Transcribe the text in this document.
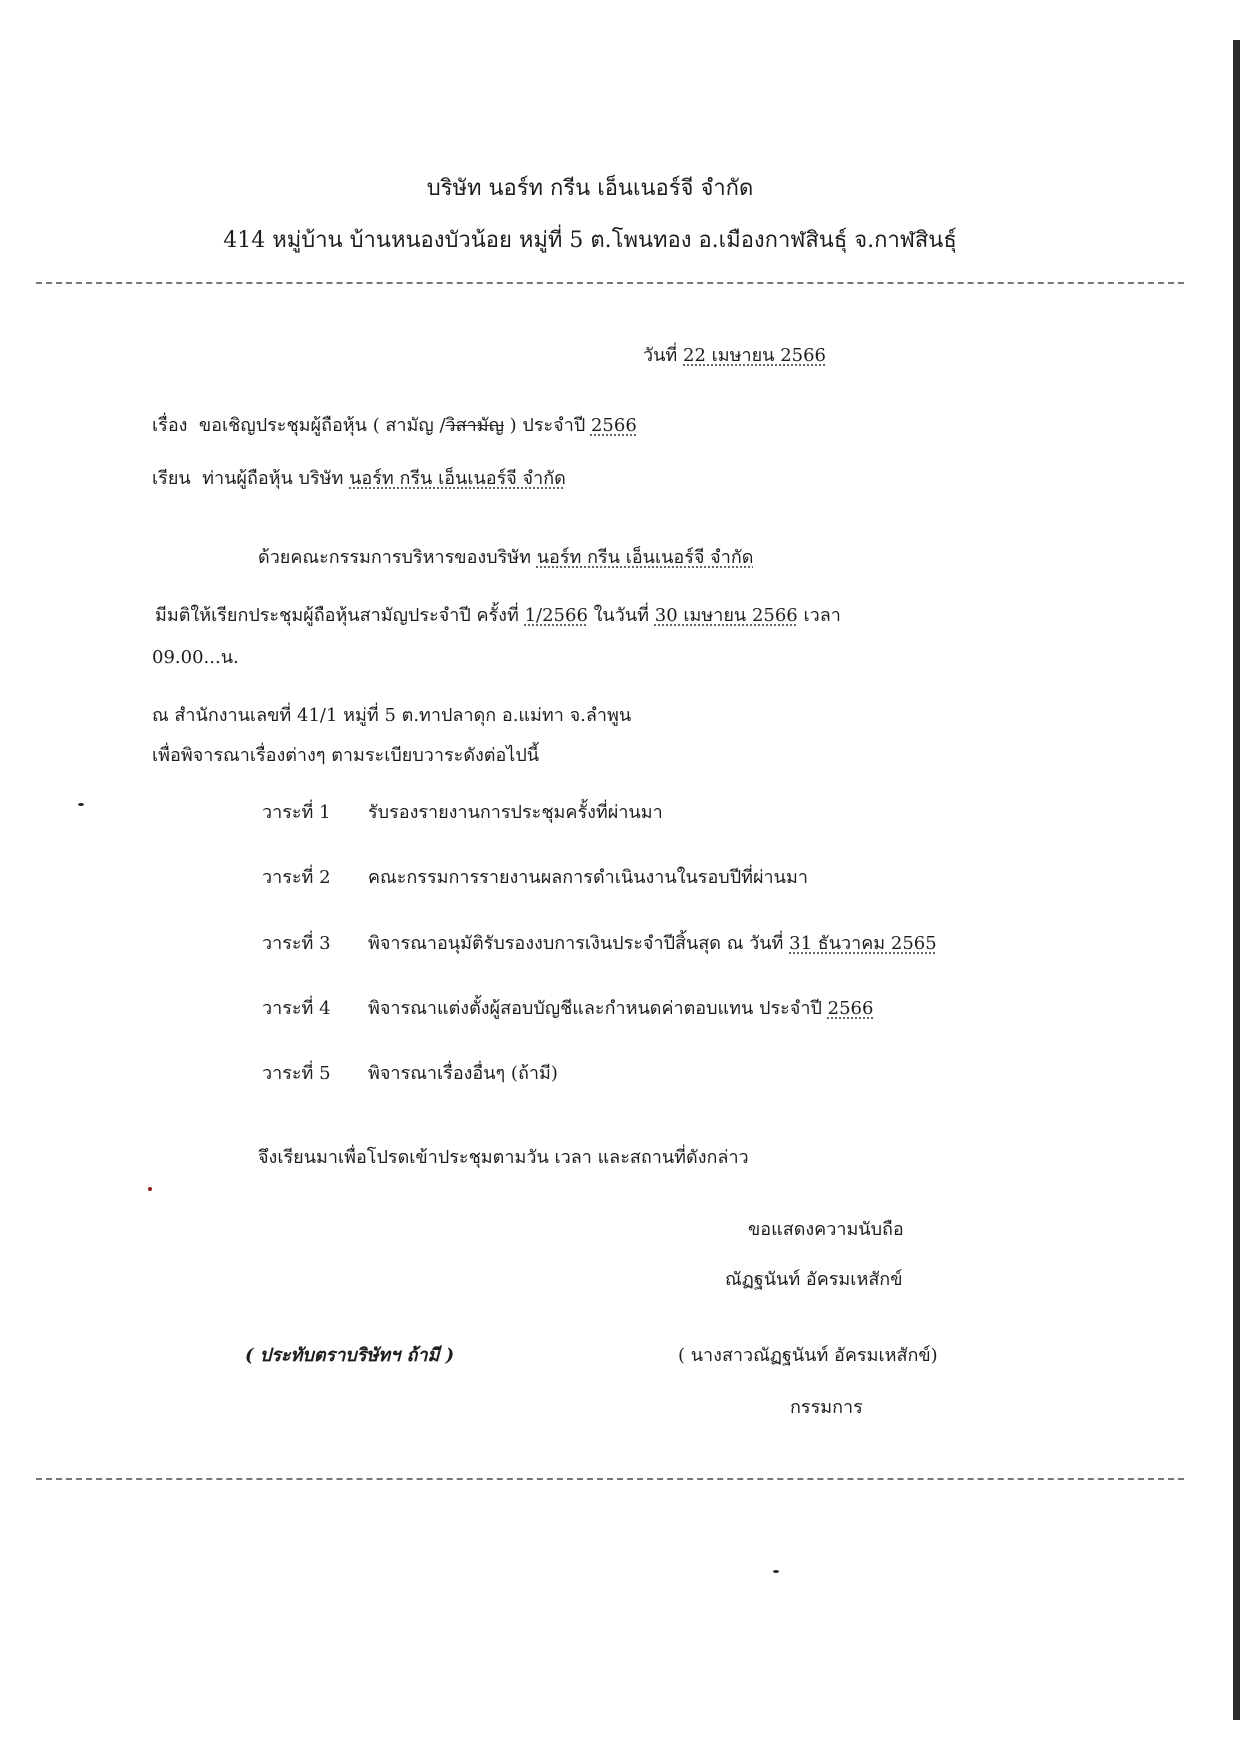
บริษัท นอร์ท กรีน เอ็นเนอร์จี จำกัด
414 หมู่บ้าน บ้านหนองบัวน้อย หมู่ที่ 5 ต.โพนทอง อ.เมืองกาฬสินธุ์ จ.กาฬสินธุ์
วันที่ 22 เมษายน 2566
เรื่อง ขอเชิญประชุมผู้ถือหุ้น ( สามัญ /วิสามัญ ) ประจำปี 2566
เรียน ท่านผู้ถือหุ้น บริษัท นอร์ท กรีน เอ็นเนอร์จี จำกัด
ด้วยคณะกรรมการบริหารของบริษัท นอร์ท กรีน เอ็นเนอร์จี จำกัด
มีมติให้เรียกประชุมผู้ถือหุ้นสามัญประจำปี ครั้งที่ 1/2566 ในวันที่ 30 เมษายน 2566 เวลา
09.00...น.
ณ สำนักงานเลขที่ 41/1 หมู่ที่ 5 ต.ทาปลาดุก อ.แม่ทา จ.ลำพูน
เพื่อพิจารณาเรื่องต่างๆ ตามระเบียบวาระดังต่อไปนี้
วาระที่ 1 รับรองรายงานการประชุมครั้งที่ผ่านมา
วาระที่ 2 คณะกรรมการรายงานผลการดำเนินงานในรอบปีที่ผ่านมา
วาระที่ 3 พิจารณาอนุมัติรับรองงบการเงินประจำปีสิ้นสุด ณ วันที่ 31 ธันวาคม 2565
วาระที่ 4 พิจารณาแต่งตั้งผู้สอบบัญชีและกำหนดค่าตอบแทน ประจำปี 2566
วาระที่ 5 พิจารณาเรื่องอื่นๆ (ถ้ามี)
จึงเรียนมาเพื่อโปรดเข้าประชุมตามวัน เวลา และสถานที่ดังกล่าว
ขอแสดงความนับถือ
ณัฏฐนันท์ อัครมเหสักข์
( ประทับตราบริษัทฯ ถ้ามี )	( นางสาวณัฏฐนันท์ อัครมเหสักข์)
กรรมการ
